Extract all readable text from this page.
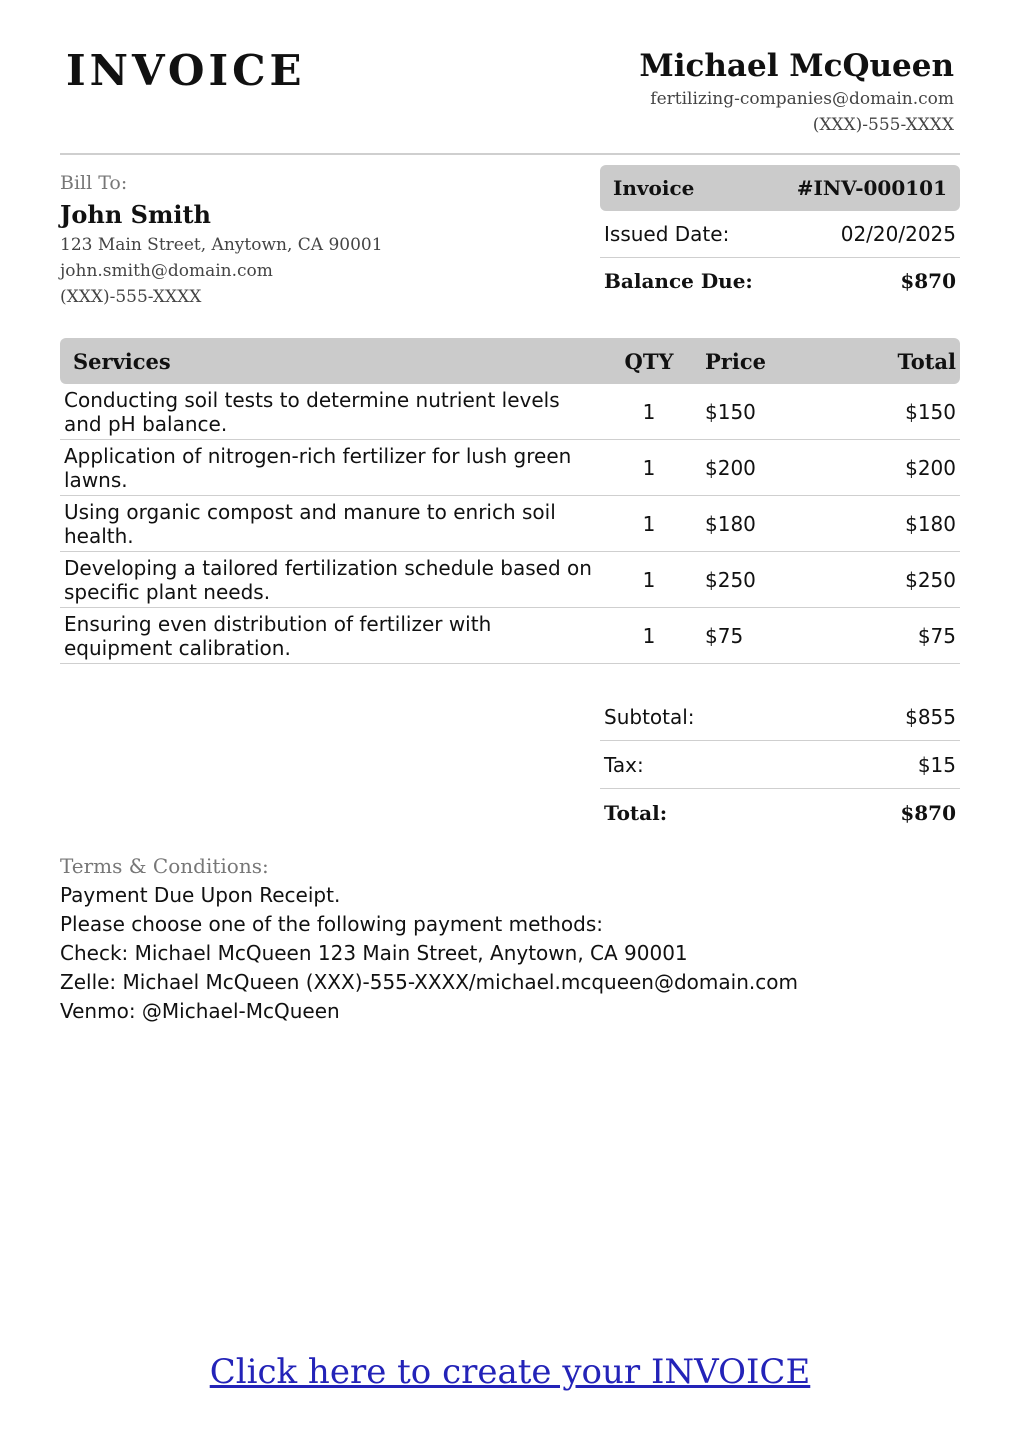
INVOICE	Michael McQueen
fertilizing-companies@domain.com
(XXX)-555-XXXX
Bill To:
John Smith
123 Main Street, Anytown, CA 90001
john.smith@domain.com
(XXX)-555-XXXX
Invoice	#INV-000101
Issued Date:	02/20/2025
Balance Due:	$870
Services	QTY	Price	Total
Conducting soil tests to determine nutrient levels and pH balance.	1	$150	$150
Application of nitrogen-rich fertilizer for lush green lawns.	1	$200	$200
Using organic compost and manure to enrich soil health.	1	$180	$180
Developing a tailored fertilization schedule based on specific plant needs.	1	$250	$250
Ensuring even distribution of fertilizer with equipment calibration.	1	$75	$75
Subtotal:	$855
Tax:	$15
Total:	$870
Terms & Conditions:
Payment Due Upon Receipt.
Please choose one of the following payment methods:
Check: Michael McQueen 123 Main Street, Anytown, CA 90001
Zelle: Michael McQueen (XXX)-555-XXXX/michael.mcqueen@domain.com
Venmo: @Michael-McQueen
Click here to create your INVOICE
